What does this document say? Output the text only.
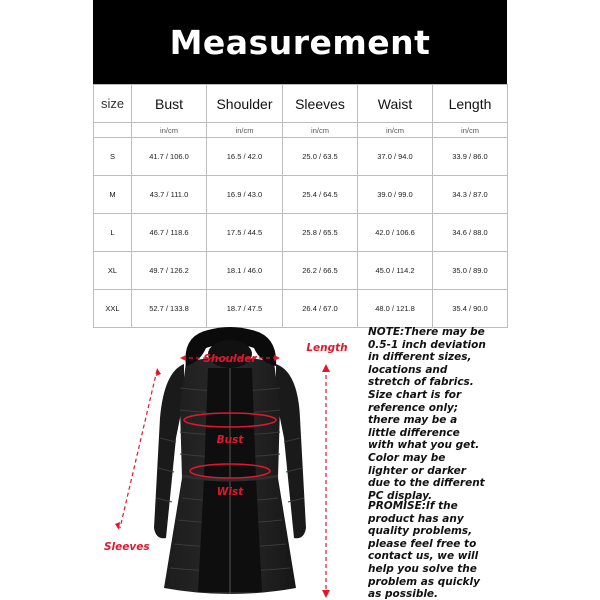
Measurement
size	Bust	Shoulder	Sleeves	Waist	Length
	in/cm	in/cm	in/cm	in/cm	in/cm
S	41.7 / 106.0	16.5 / 42.0	25.0 / 63.5	37.0 / 94.0	33.9 / 86.0
M	43.7 / 111.0	16.9 / 43.0	25.4 / 64.5	39.0 / 99.0	34.3 / 87.0
L	46.7 / 118.6	17.5 / 44.5	25.8 / 65.5	42.0 / 106.6	34.6 / 88.0
XL	49.7 / 126.2	18.1 / 46.0	26.2 / 66.5	45.0 / 114.2	35.0 / 89.0
XXL	52.7 / 133.8	18.7 / 47.5	26.4 / 67.0	48.0 / 121.8	35.4 / 90.0
Shoulder
Length
Bust
Wist
Sleeves

NOTE:There may be 0.5-1 inch deviation in different sizes, locations and stretch of fabrics. Size chart is for reference only; there may be a little difference with what you get. Color may be lighter or darker due to the different PC display.

PROMISE:If the product has any quality problems, please feel free to contact us, we will help you solve the problem as quickly as possible.
